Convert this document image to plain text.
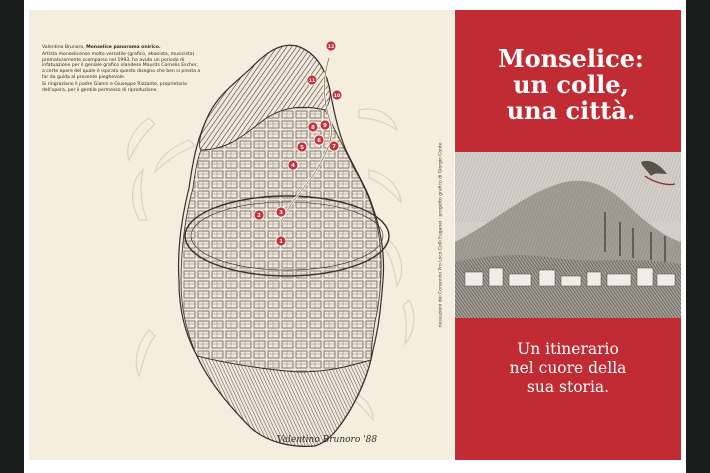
Valentino Brunoro, Monselice panorama onirico.

Artista monselicense molto versatile (grafico, ebanista, musicista) prematuramente scomparso nel 1993, ha avuto un periodo di infatuazione per il geniale grafico olandese Maurits Cornelis Escher, a certe opere del quale è ispirato questo disegno che ben si presta a far da guida al presente pieghevole.

Si ringraziano il padre Gianni e Giuseppe Rizzante, proprietario dell'opera, per il gentile permesso di riproduzione.

1
2	3
4
5
6
7
8 9
10
11
12
Valentino Brunoro '88
riessuzioni del Consorzio Pro Loco Colli Euganei · progetto grafico di Giorgio Conte
Monselice:
un colle,
una città.
Un itinerario
nel cuore della
sua storia.
